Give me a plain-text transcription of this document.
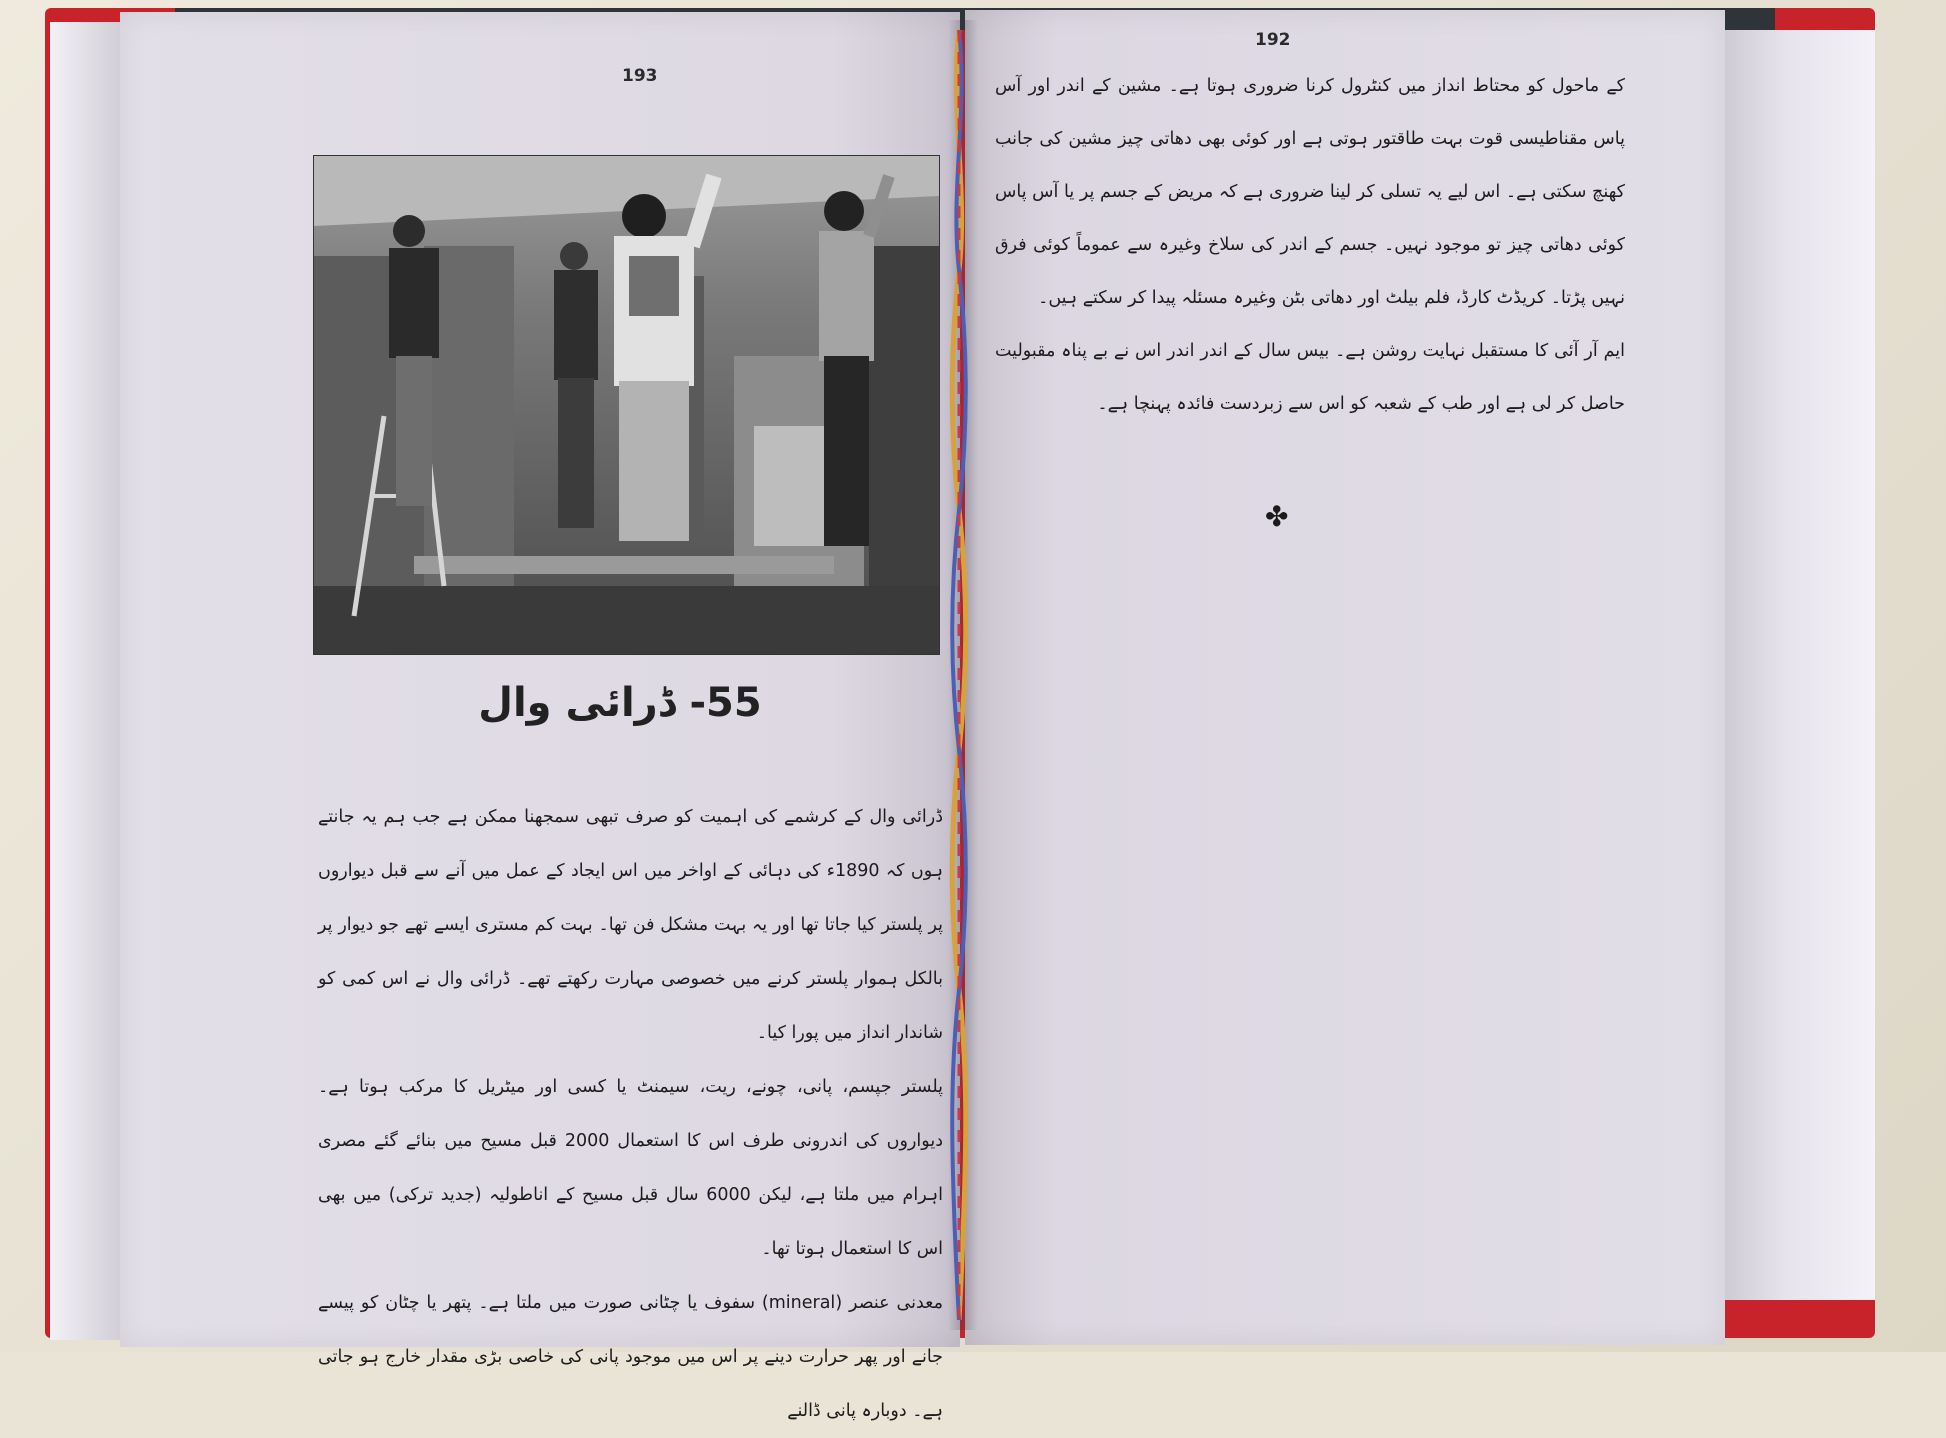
193
55- ڈرائی وال

ڈرائی وال کے کرشمے کی اہمیت کو صرف تبھی سمجھنا ممکن ہے جب ہم یہ جانتے ہوں کہ 1890ء کی دہائی کے اواخر میں اس ایجاد کے عمل میں آنے سے قبل دیواروں پر پلستر کیا جاتا تھا اور یہ بہت مشکل فن تھا۔ بہت کم مستری ایسے تھے جو دیوار پر بالکل ہموار پلستر کرنے میں خصوصی مہارت رکھتے تھے۔ ڈرائی وال نے اس کمی کو شاندار انداز میں پورا کیا۔

پلستر جپسم، پانی، چونے، ریت، سیمنٹ یا کسی اور میٹریل کا مرکب ہوتا ہے۔ دیواروں کی اندرونی طرف اس کا استعمال 2000 قبل مسیح میں بنائے گئے مصری اہرام میں ملتا ہے، لیکن 6000 سال قبل مسیح کے اناطولیہ (جدید ترکی) میں بھی اس کا استعمال ہوتا تھا۔

معدنی عنصر (mineral) سفوف یا چٹانی صورت میں ملتا ہے۔ پتھر یا چٹان کو پیسے جانے اور پھر حرارت دینے پر اس میں موجود پانی کی خاصی بڑی مقدار خارج ہو جاتی ہے۔ دوبارہ پانی ڈالنے

192

کے ماحول کو محتاط انداز میں کنٹرول کرنا ضروری ہوتا ہے۔ مشین کے اندر اور آس پاس مقناطیسی قوت بہت طاقتور ہوتی ہے اور کوئی بھی دھاتی چیز مشین کی جانب کھنچ سکتی ہے۔ اس لیے یہ تسلی کر لینا ضروری ہے کہ مریض کے جسم پر یا آس پاس کوئی دھاتی چیز تو موجود نہیں۔ جسم کے اندر کی سلاخ وغیرہ سے عموماً کوئی فرق نہیں پڑتا۔ کریڈٹ کارڈ، فلم بیلٹ اور دھاتی بٹن وغیرہ مسئلہ پیدا کر سکتے ہیں۔

ایم آر آئی کا مستقبل نہایت روشن ہے۔ بیس سال کے اندر اندر اس نے بے پناہ مقبولیت حاصل کر لی ہے اور طب کے شعبہ کو اس سے زبردست فائدہ پہنچا ہے۔

✤
